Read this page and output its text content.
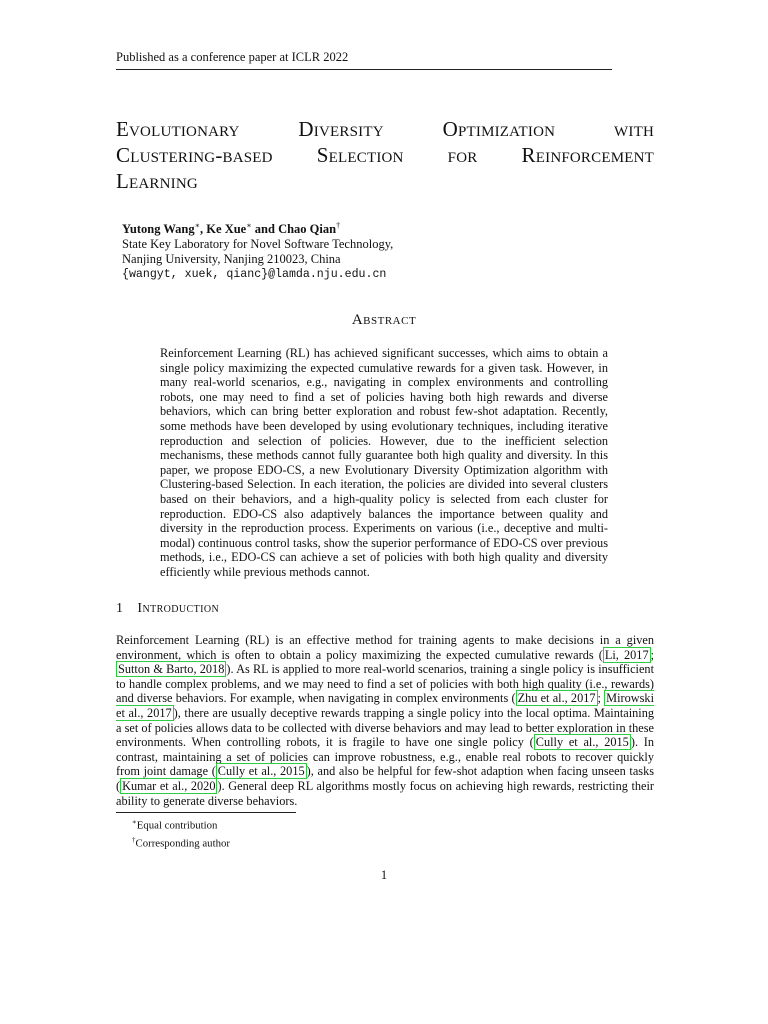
Published as a conference paper at ICLR 2022
Evolutionary Diversity Optimization with
Clustering-based Selection for Reinforcement
Learning
Yutong Wang∗, Ke Xue∗ and Chao Qian†
State Key Laboratory for Novel Software Technology,
Nanjing University, Nanjing 210023, China
{wangyt, xuek, qianc}@lamda.nju.edu.cn
Abstract

Reinforcement Learning (RL) has achieved significant successes, which aims to obtain a single policy maximizing the expected cumulative rewards for a given task. However, in many real-world scenarios, e.g., navigating in complex environments and controlling robots, one may need to find a set of policies having both high rewards and diverse behaviors, which can bring better exploration and robust few-shot adaptation. Recently, some methods have been developed by using evolutionary techniques, including iterative reproduction and selection of policies. However, due to the inefficient selection mechanisms, these methods cannot fully guarantee both high quality and diversity. In this paper, we propose EDO-CS, a new Evolutionary Diversity Optimization algorithm with Clustering-based Selection. In each iteration, the policies are divided into several clusters based on their behaviors, and a high-quality policy is selected from each cluster for reproduction. EDO-CS also adaptively balances the importance between quality and diversity in the reproduction process. Experiments on various (i.e., deceptive and multi-modal) continuous control tasks, show the superior performance of EDO-CS over previous methods, i.e., EDO-CS can achieve a set of policies with both high quality and diversity efficiently while previous methods cannot.

1 Introduction

Reinforcement Learning (RL) is an effective method for training agents to make decisions in a given environment, which is often to obtain a policy maximizing the expected cumulative rewards ( Li, 2017 ; Sutton & Barto, 2018 ). As RL is applied to more real-world scenarios, training a single policy is insufficient to handle complex problems, and we may need to find a set of policies with both high quality (i.e., rewards) and diverse behaviors. For example, when navigating in complex environments ( Zhu et al., 2017 ; Mirowski et al., 2017 ), there are usually deceptive rewards trapping a single policy into the local optima. Maintaining a set of policies allows data to be collected with diverse behaviors and may lead to better exploration in these environments. When controlling robots, it is fragile to have one single policy ( Cully et al., 2015 ). In contrast, maintaining a set of policies can improve robustness, e.g., enable real robots to recover quickly from joint damage ( Cully et al., 2015 ), and also be helpful for few-shot adaption when facing unseen tasks ( Kumar et al., 2020 ). General deep RL algorithms mostly focus on achieving high rewards, restricting their ability to generate diverse behaviors.

∗Equal contribution
†Corresponding author
1
